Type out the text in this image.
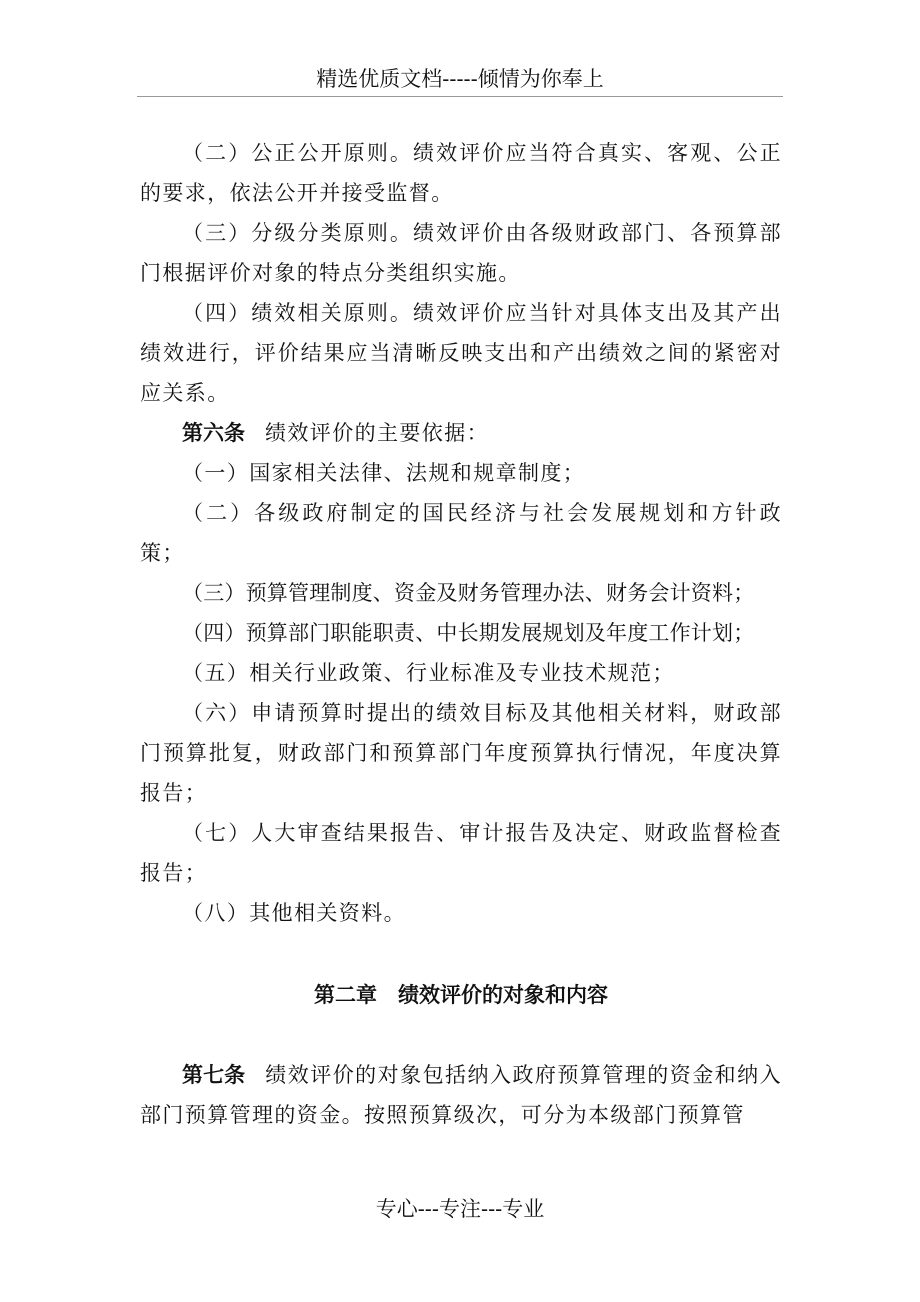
精选优质文档-----倾情为你奉上

（二）公正公开原则。绩效评价应当符合真实、客观、公正的要求，依法公开并接受监督。

（三）分级分类原则。绩效评价由各级财政部门、各预算部门根据评价对象的特点分类组织实施。

（四）绩效相关原则。绩效评价应当针对具体支出及其产出绩效进行，评价结果应当清晰反映支出和产出绩效之间的紧密对应关系。

第六条 绩效评价的主要依据：

（一）国家相关法律、法规和规章制度；

（二）各级政府制定的国民经济与社会发展规划和方针政策；

（三）预算管理制度、资金及财务管理办法、财务会计资料；

（四）预算部门职能职责、中长期发展规划及年度工作计划；

（五）相关行业政策、行业标准及专业技术规范；

（六）申请预算时提出的绩效目标及其他相关材料，财政部门预算批复，财政部门和预算部门年度预算执行情况，年度决算报告；

（七）人大审查结果报告、审计报告及决定、财政监督检查报告；

（八）其他相关资料。

第二章　绩效评价的对象和内容

第七条 绩效评价的对象包括纳入政府预算管理的资金和纳入部门预算管理的资金。按照预算级次，可分为本级部门预算管

专心---专注---专业
